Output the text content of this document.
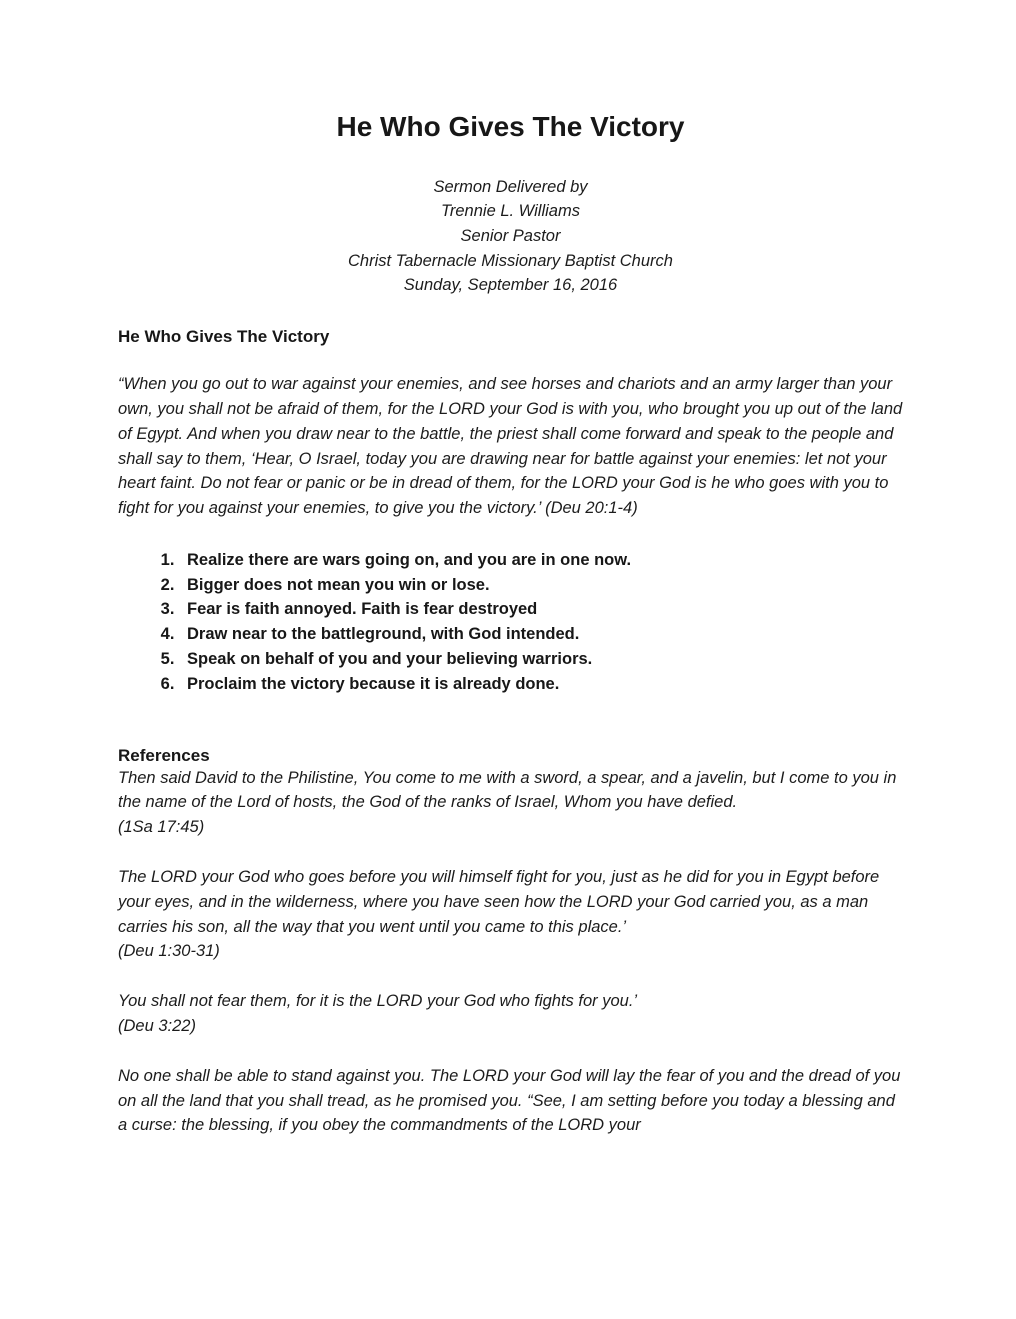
He Who Gives The Victory

Sermon Delivered by

Trennie L. Williams

Senior Pastor

Christ Tabernacle Missionary Baptist Church

Sunday, September 16, 2016

He Who Gives The Victory

“When you go out to war against your enemies, and see horses and chariots and an army larger than your own, you shall not be afraid of them, for the LORD your God is with you, who brought you up out of the land of Egypt. And when you draw near to the battle, the priest shall come forward and speak to the people and shall say to them, ‘Hear, O Israel, today you are drawing near for battle against your enemies: let not your heart faint. Do not fear or panic or be in dread of them, for the LORD your God is he who goes with you to fight for you against your enemies, to give you the victory.’ (Deu 20:1-4)

1. Realize there are wars going on, and you are in one now.
2. Bigger does not mean you win or lose.
3. Fear is faith annoyed. Faith is fear destroyed
4. Draw near to the battleground, with God intended.
5. Speak on behalf of you and your believing warriors.
6. Proclaim the victory because it is already done.
References

Then said David to the Philistine, You come to me with a sword, a spear, and a javelin, but I come to you in the name of the Lord of hosts, the God of the ranks of Israel, Whom you have defied.

(1Sa 17:45)

The LORD your God who goes before you will himself fight for you, just as he did for you in Egypt before your eyes, and in the wilderness, where you have seen how the LORD your God carried you, as a man carries his son, all the way that you went until you came to this place.’

(Deu 1:30-31)

You shall not fear them, for it is the LORD your God who fights for you.’

(Deu 3:22)

No one shall be able to stand against you. The LORD your God will lay the fear of you and the dread of you on all the land that you shall tread, as he promised you. “See, I am setting before you today a blessing and a curse: the blessing, if you obey the commandments of the LORD your
